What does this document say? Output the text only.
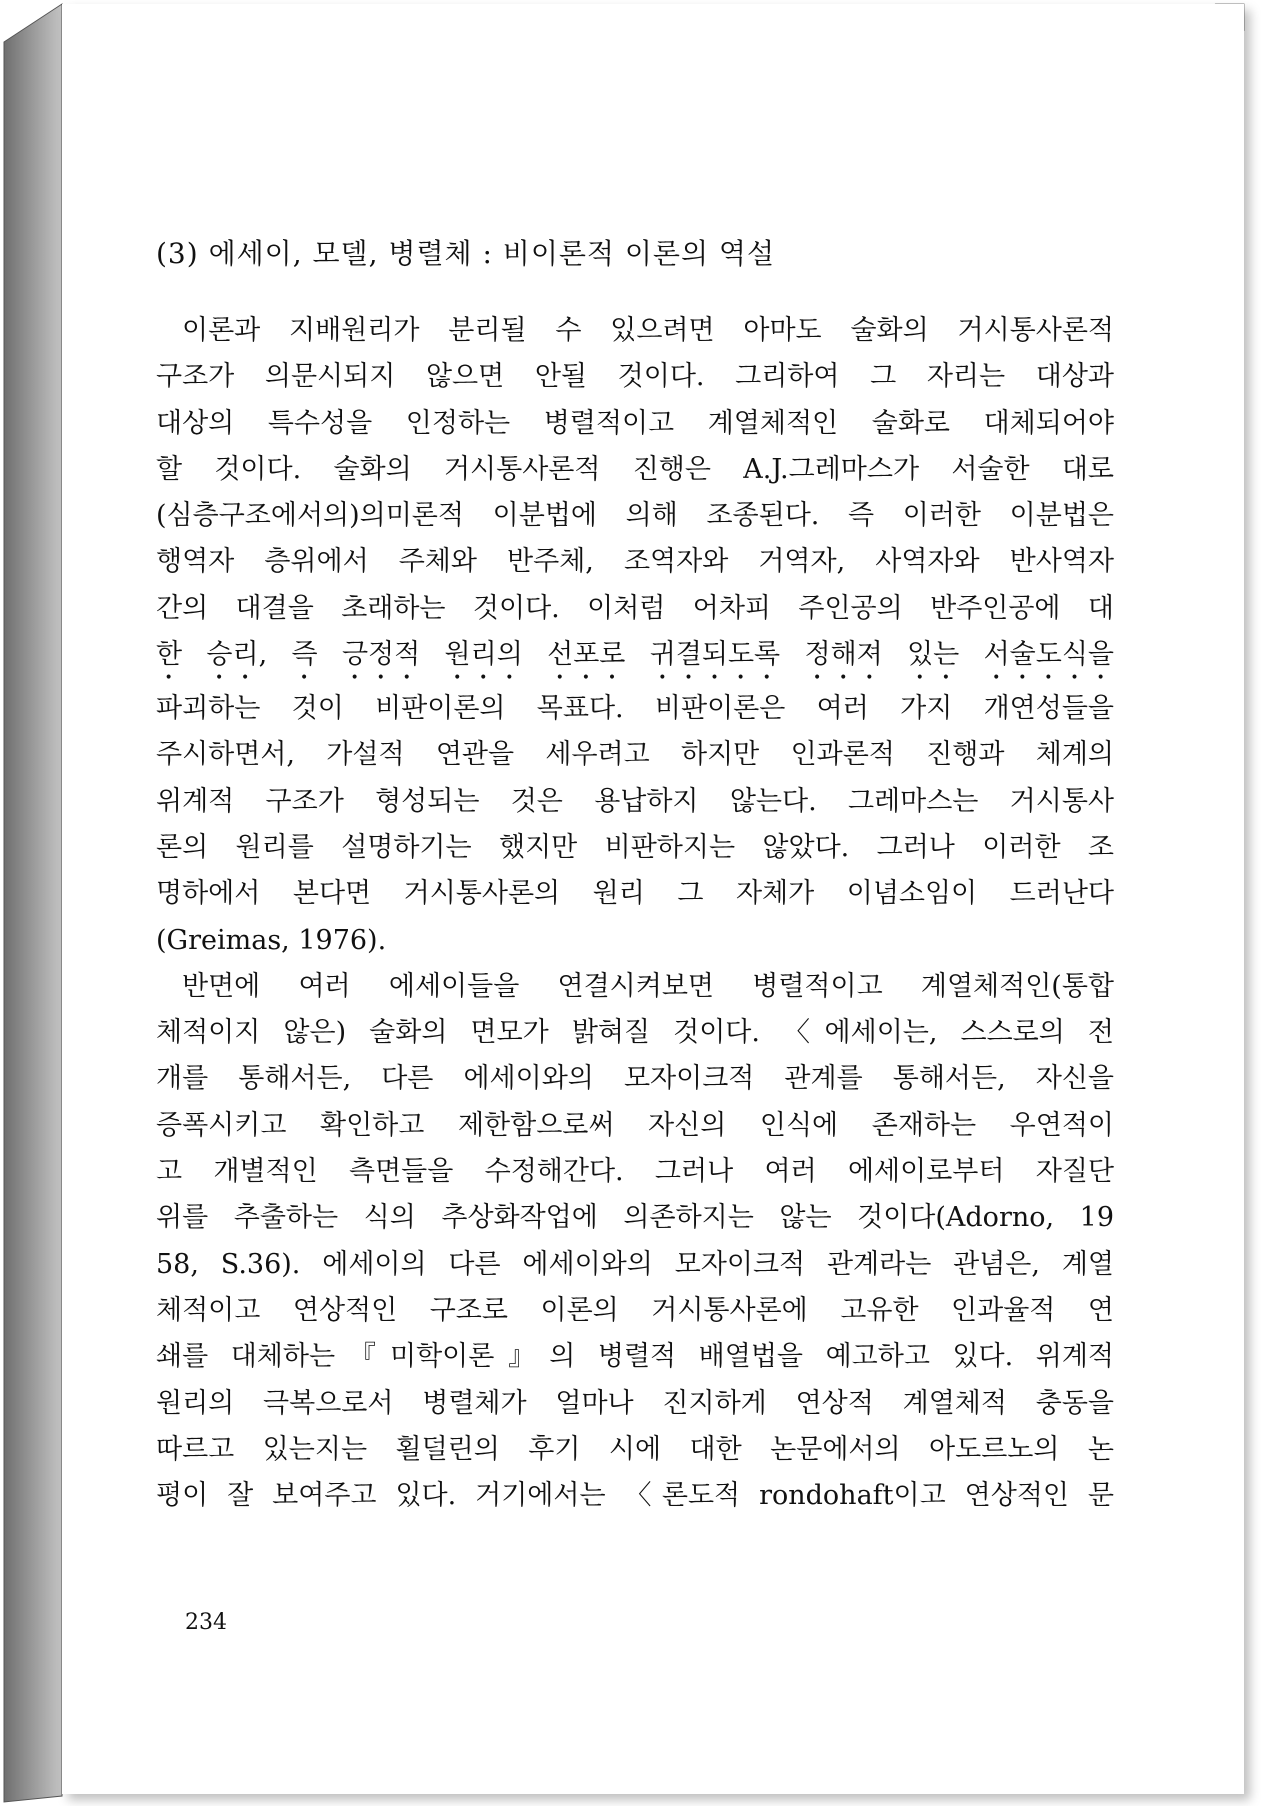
(3) 에세이, 모델, 병렬체 : 비이론적 이론의 역설
이론과 지배원리가 분리될 수 있으려면 아마도 술화의 거시통사론적
구조가 의문시되지 않으면 안될 것이다. 그리하여 그 자리는 대상과
대상의 특수성을 인정하는 병렬적이고 계열체적인 술화로 대체되어야
할 것이다. 술화의 거시통사론적 진행은 A.J.그레마스가 서술한 대로
(심층구조에서의)의미론적 이분법에 의해 조종된다. 즉 이러한 이분법은
행역자 층위에서 주체와 반주체, 조역자와 거역자, 사역자와 반사역자
간의 대결을 초래하는 것이다. 이처럼 어차피 주인공의 반주인공에 대
한 승리, 즉 긍정적 원리의 선포로 귀결되도록 정해져 있는 서술도식을
파괴하는 것이 비판이론의 목표다. 비판이론은 여러 가지 개연성들을
주시하면서, 가설적 연관을 세우려고 하지만 인과론적 진행과 체계의
위계적 구조가 형성되는 것은 용납하지 않는다. 그레마스는 거시통사
론의 원리를 설명하기는 했지만 비판하지는 않았다. 그러나 이러한 조
명하에서 본다면 거시통사론의 원리 그 자체가 이념소임이 드러난다
(Greimas, 1976).
반면에 여러 에세이들을 연결시켜보면 병렬적이고 계열체적인(통합
체적이지 않은) 술화의 면모가 밝혀질 것이다. 〈에세이는, 스스로의 전
개를 통해서든, 다른 에세이와의 모자이크적 관계를 통해서든, 자신을
증폭시키고 확인하고 제한함으로써 자신의 인식에 존재하는 우연적이
고 개별적인 측면들을 수정해간다. 그러나 여러 에세이로부터 자질단
위를 추출하는 식의 추상화작업에 의존하지는 않는 것이다(Adorno, 19
58, S.36). 에세이의 다른 에세이와의 모자이크적 관계라는 관념은, 계열
체적이고 연상적인 구조로 이론의 거시통사론에 고유한 인과율적 연
쇄를 대체하는『미학이론』의 병렬적 배열법을 예고하고 있다. 위계적
원리의 극복으로서 병렬체가 얼마나 진지하게 연상적 계열체적 충동을
따르고 있는지는 횔덜린의 후기 시에 대한 논문에서의 아도르노의 논
평이 잘 보여주고 있다. 거기에서는 〈론도적 rondohaft이고 연상적인 문
234
